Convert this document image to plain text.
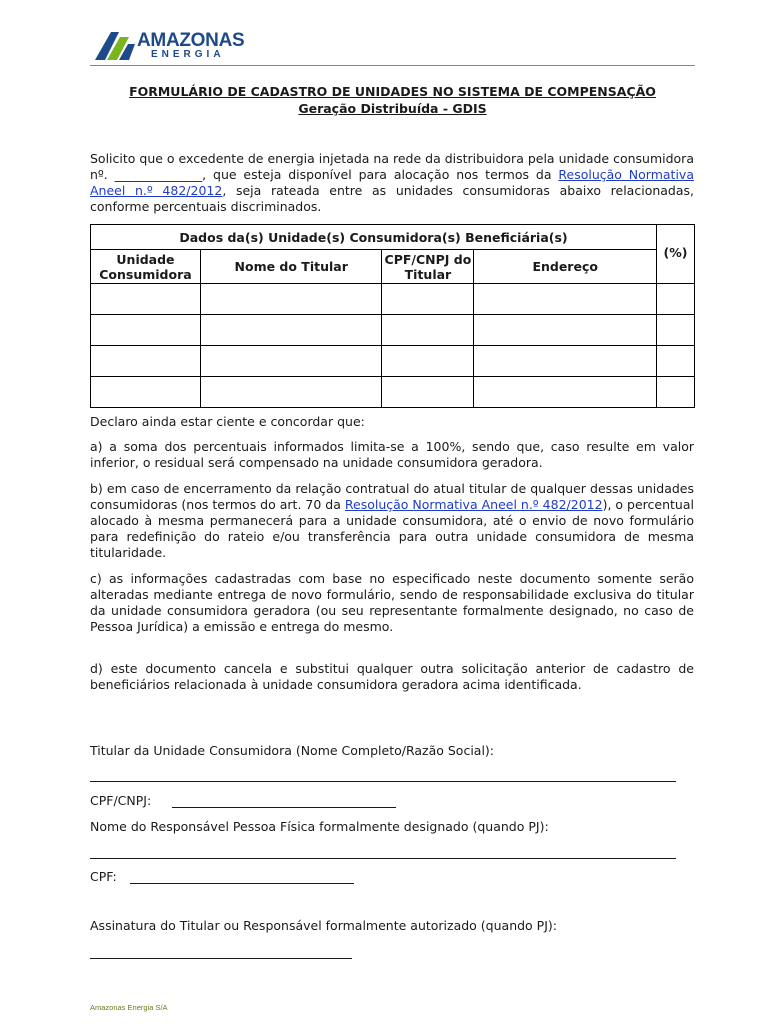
AMAZONAS
ENERGIA
FORMULÁRIO DE CADASTRO DE UNIDADES NO SISTEMA DE COMPENSAÇÃO
Geração Distribuída - GDIS
Solicito que o excedente de energia injetada na rede da distribuidora pela unidade consumidora nº. ______________, que esteja disponível para alocação nos termos da Resolução Normativa Aneel n.º 482/2012, seja rateada entre as unidades consumidoras abaixo relacionadas, conforme percentuais discriminados.
Dados da(s) Unidade(s) Consumidora(s) Beneficiária(s)				(%)
Unidade Consumidora	Nome do Titular	CPF/CNPJ do Titular	Endereço	

Declaro ainda estar ciente e concordar que:
a) a soma dos percentuais informados limita-se a 100%, sendo que, caso resulte em valor inferior, o residual será compensado na unidade consumidora geradora.
b) em caso de encerramento da relação contratual do atual titular de qualquer dessas unidades consumidoras (nos termos do art. 70 da Resolução Normativa Aneel n.º 482/2012), o percentual alocado à mesma permanecerá para a unidade consumidora, até o envio de novo formulário para redefinição do rateio e/ou transferência para outra unidade consumidora de mesma titularidade.
c) as informações cadastradas com base no especificado neste documento somente serão alteradas mediante entrega de novo formulário, sendo de responsabilidade exclusiva do titular da unidade consumidora geradora (ou seu representante formalmente designado, no caso de Pessoa Jurídica) a emissão e entrega do mesmo.
d) este documento cancela e substitui qualquer outra solicitação anterior de cadastro de beneficiários relacionada à unidade consumidora geradora acima identificada.
Titular da Unidade Consumidora (Nome Completo/Razão Social):
CPF/CNPJ:
Nome do Responsável Pessoa Física formalmente designado (quando PJ):
CPF:
Assinatura do Titular ou Responsável formalmente autorizado (quando PJ):
Amazonas Energia S/A
